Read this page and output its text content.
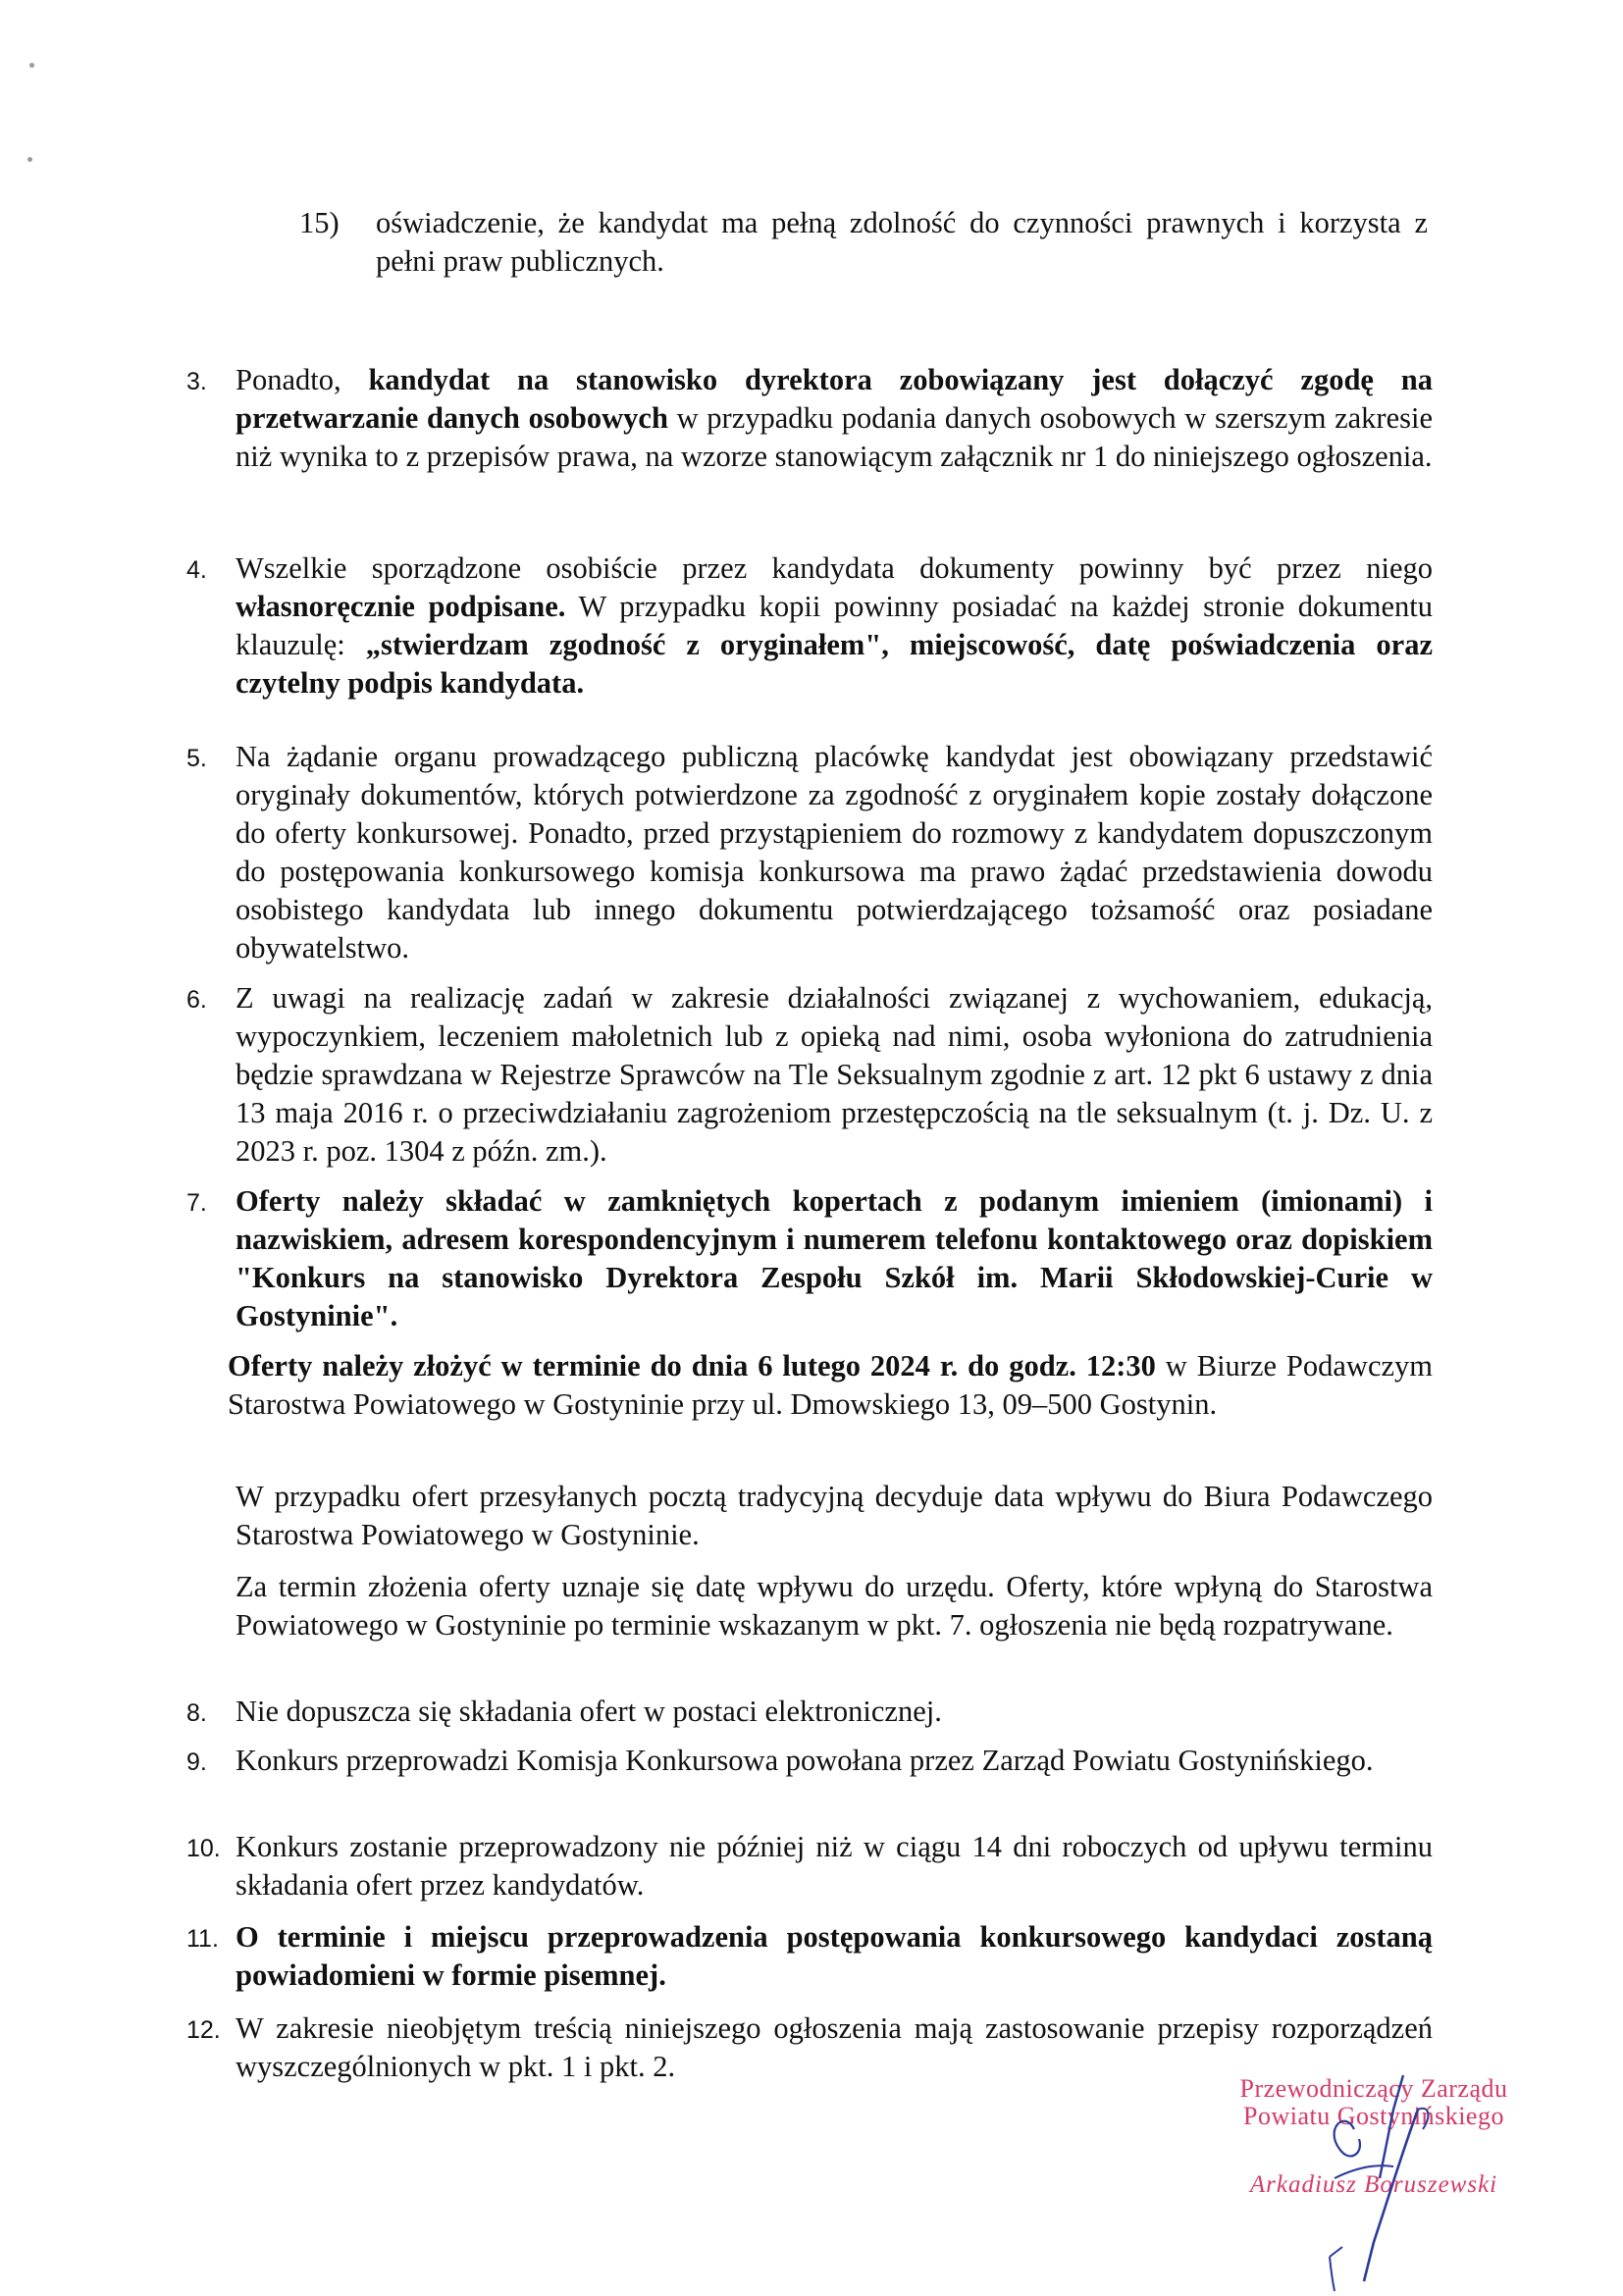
15) oświadczenie, że kandydat ma pełną zdolność do czynności prawnych i korzysta z pełni praw publicznych.
3. Ponadto, kandydat na stanowisko dyrektora zobowiązany jest dołączyć zgodę na przetwarzanie danych osobowych w przypadku podania danych osobowych w szerszym zakresie niż wynika to z przepisów prawa, na wzorze stanowiącym załącznik nr 1 do niniejszego ogłoszenia.
4. Wszelkie sporządzone osobiście przez kandydata dokumenty powinny być przez niego własnoręcznie podpisane. W przypadku kopii powinny posiadać na każdej stronie dokumentu klauzulę: „stwierdzam zgodność z oryginałem", miejscowość, datę poświadczenia oraz czytelny podpis kandydata.
5. Na żądanie organu prowadzącego publiczną placówkę kandydat jest obowiązany przedstawić oryginały dokumentów, których potwierdzone za zgodność z oryginałem kopie zostały dołączone do oferty konkursowej. Ponadto, przed przystąpieniem do rozmowy z kandydatem dopuszczonym do postępowania konkursowego komisja konkursowa ma prawo żądać przedstawienia dowodu osobistego kandydata lub innego dokumentu potwierdzającego tożsamość oraz posiadane obywatelstwo.
6. Z uwagi na realizację zadań w zakresie działalności związanej z wychowaniem, edukacją, wypoczynkiem, leczeniem małoletnich lub z opieką nad nimi, osoba wyłoniona do zatrudnienia będzie sprawdzana w Rejestrze Sprawców na Tle Seksualnym zgodnie z art. 12 pkt 6 ustawy z dnia 13 maja 2016 r. o przeciwdziałaniu zagrożeniom przestępczością na tle seksualnym (t. j. Dz. U. z 2023 r. poz. 1304 z późn. zm.).
7. Oferty należy składać w zamkniętych kopertach z podanym imieniem (imionami) i nazwiskiem, adresem korespondencyjnym i numerem telefonu kontaktowego oraz dopiskiem "Konkurs na stanowisko Dyrektora Zespołu Szkół im. Marii Skłodowskiej-Curie w Gostyninie".
Oferty należy złożyć w terminie do dnia 6 lutego 2024 r. do godz. 12:30 w Biurze Podawczym Starostwa Powiatowego w Gostyninie przy ul. Dmowskiego 13, 09–500 Gostynin.
W przypadku ofert przesyłanych pocztą tradycyjną decyduje data wpływu do Biura Podawczego Starostwa Powiatowego w Gostyninie.
Za termin złożenia oferty uznaje się datę wpływu do urzędu. Oferty, które wpłyną do Starostwa Powiatowego w Gostyninie po terminie wskazanym w pkt. 7. ogłoszenia nie będą rozpatrywane.
8. Nie dopuszcza się składania ofert w postaci elektronicznej.
9. Konkurs przeprowadzi Komisja Konkursowa powołana przez Zarząd Powiatu Gostynińskiego.
10. Konkurs zostanie przeprowadzony nie później niż w ciągu 14 dni roboczych od upływu terminu składania ofert przez kandydatów.
11. O terminie i miejscu przeprowadzenia postępowania konkursowego kandydaci zostaną powiadomieni w formie pisemnej.
12. W zakresie nieobjętym treścią niniejszego ogłoszenia mają zastosowanie przepisy rozporządzeń wyszczególnionych w pkt. 1 i pkt. 2.
Przewodniczący Zarządu
Powiatu Gostynińskiego
Arkadiusz Boruszewski
